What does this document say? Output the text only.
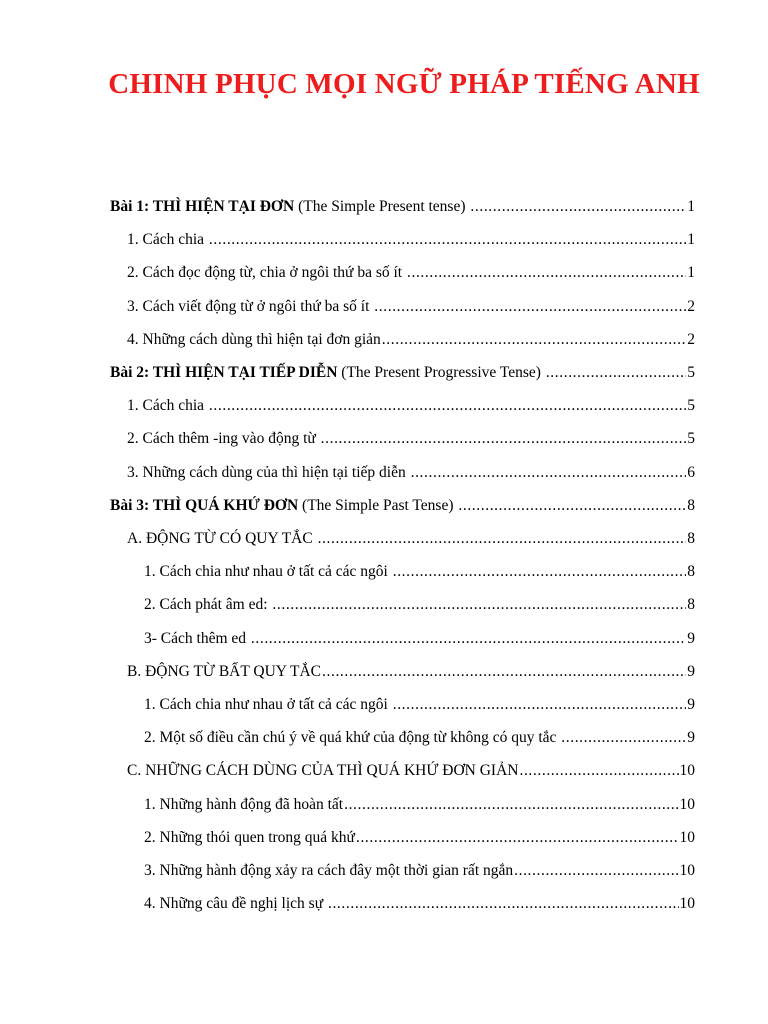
CHINH PHỤC MỌI NGỮ PHÁP TIẾNG ANH
Bài 1: THÌ HIỆN TẠI ĐƠN (The Simple Present tense) .....	1
1. Cách chia .....	1
2. Cách đọc động từ, chia ở ngôi thứ ba số ít .....	1
3. Cách viết động từ ở ngôi thứ ba số ít .....	2
4. Những cách dùng thì hiện tại đơn giản .....	2
Bài 2: THÌ HIỆN TẠI TIẾP DIỄN (The Present Progressive Tense) .....	5
1. Cách chia .....	5
2. Cách thêm -ing vào động từ .....	5
3. Những cách dùng của thì hiện tại tiếp diễn .....	6
Bài 3: THÌ QUÁ KHỨ ĐƠN (The Simple Past Tense) .....	8
A. ĐỘNG TỪ CÓ QUY TẮC .....	8
1. Cách chia như nhau ở tất cả các ngôi .....	8
2. Cách phát âm ed: .....	8
3- Cách thêm ed .....	9
B. ĐỘNG TỪ BẤT QUY TẮC .....	9
1. Cách chia như nhau ở tất cả các ngôi .....	9
2. Một số điều cần chú ý về quá khứ của động từ không có quy tắc .....	9
C. NHỮNG CÁCH DÙNG CỦA THÌ QUÁ KHỨ ĐƠN GIẢN .....	10
1. Những hành động đã hoàn tất .....	10
2. Những thói quen trong quá khứ .....	10
3. Những hành động xảy ra cách đây một thời gian rất ngắn .....	10
4. Những câu đề nghị lịch sự .....	10
